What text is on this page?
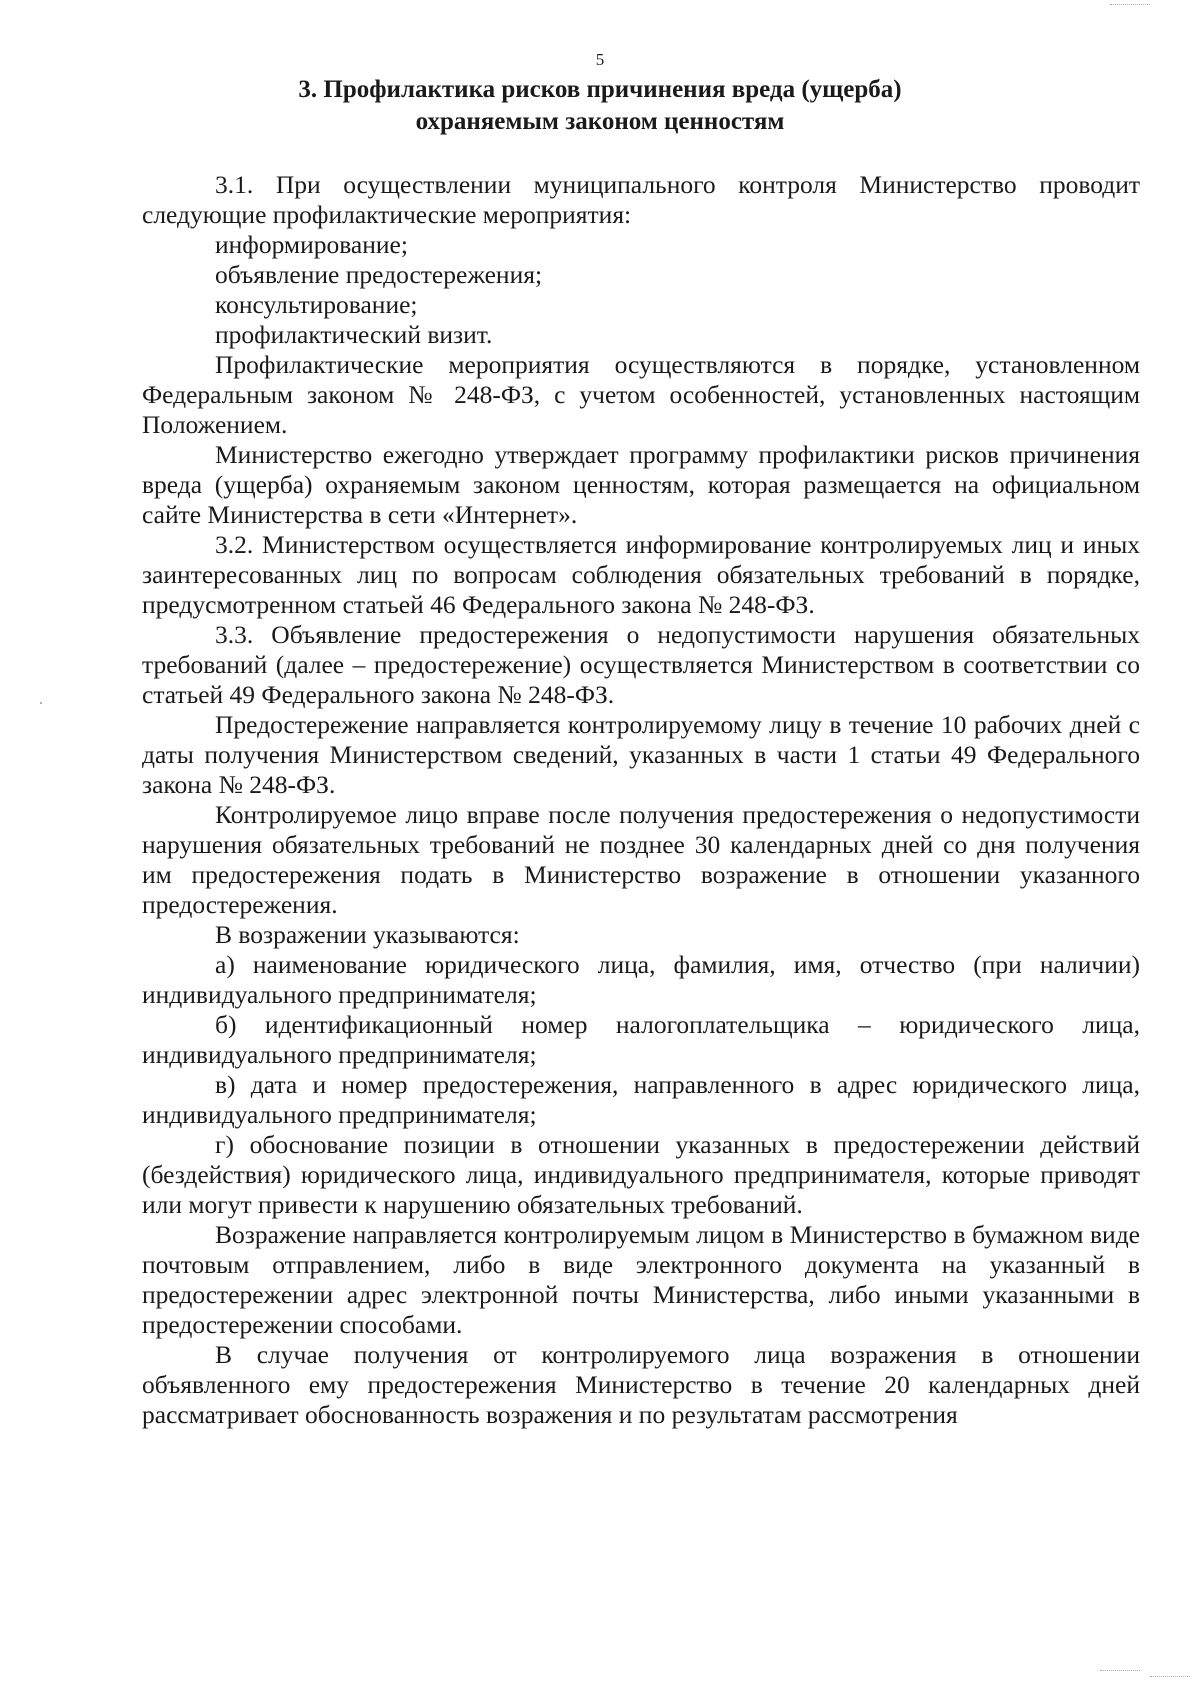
5
3. Профилактика рисков причинения вреда (ущерба)
охраняемым законом ценностям

3.1. При осуществлении муниципального контроля Министерство проводит следующие профилактические мероприятия:

информирование;

объявление предостережения;

консультирование;

профилактический визит.

Профилактические мероприятия осуществляются в порядке, установленном Федеральным законом № 248-ФЗ, с учетом особенностей, установленных настоящим Положением.

Министерство ежегодно утверждает программу профилактики рисков причинения вреда (ущерба) охраняемым законом ценностям, которая размещается на официальном сайте Министерства в сети «Интернет».

3.2. Министерством осуществляется информирование контролируемых лиц и иных заинтересованных лиц по вопросам соблюдения обязательных требований в порядке, предусмотренном статьей 46 Федерального закона № 248-ФЗ.

3.3. Объявление предостережения о недопустимости нарушения обязательных требований (далее – предостережение) осуществляется Министерством в соответствии со статьей 49 Федерального закона № 248-ФЗ.

Предостережение направляется контролируемому лицу в течение 10 рабочих дней с даты получения Министерством сведений, указанных в части 1 статьи 49 Федерального закона № 248-ФЗ.

Контролируемое лицо вправе после получения предостережения о недопустимости нарушения обязательных требований не позднее 30 календарных дней со дня получения им предостережения подать в Министерство возражение в отношении указанного предостережения.

В возражении указываются:

а) наименование юридического лица, фамилия, имя, отчество (при наличии) индивидуального предпринимателя;

б) идентификационный номер налогоплательщика – юридического лица, индивидуального предпринимателя;

в) дата и номер предостережения, направленного в адрес юридического лица, индивидуального предпринимателя;

г) обоснование позиции в отношении указанных в предостережении действий (бездействия) юридического лица, индивидуального предпринимателя, которые приводят или могут привести к нарушению обязательных требований.

Возражение направляется контролируемым лицом в Министерство в бумажном виде почтовым отправлением, либо в виде электронного документа на указанный в предостережении адрес электронной почты Министерства, либо иными указанными в предостережении способами.

В случае получения от контролируемого лица возражения в отношении объявленного ему предостережения Министерство в течение 20 календарных дней рассматривает обоснованность возражения и по результатам рассмотрения
